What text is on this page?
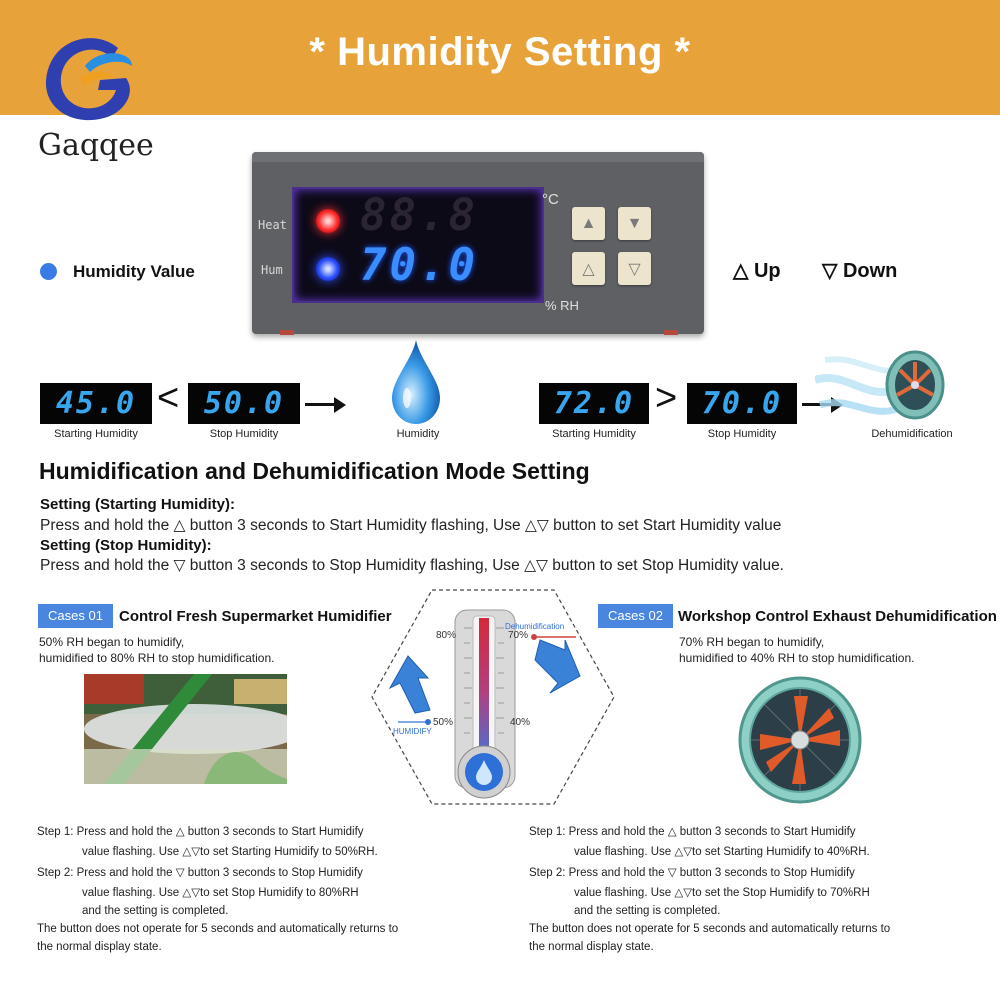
* Humidity Setting *
Gaqqee
Heat
Hum
88.8
70.0
°C
% RH
▲ ▼
△ ▽
Humidity Value	△ Up ▽ Down
45.0 < 50.0
Starting Humidity	Stop Humidity	Humidity
72.0 > 70.0
Starting Humidity	Stop Humidity	Dehumidification
Humidification and Dehumidification Mode Setting
Setting (Starting Humidity):
Press and hold the △ button 3 seconds to Start Humidity flashing, Use △▽ button to set Start Humidity value
Setting (Stop Humidity):
Press and hold the ▽ button 3 seconds to Stop Humidity flashing, Use △▽ button to set Stop Humidity value.
Cases 01	Control Fresh Supermarket Humidifier
50% RH began to humidify,
humidified to 80% RH to stop humidification.
80%	70%
50%	40%
HUMIDIFY
Dehumidification
Cases 02	Workshop Control Exhaust Dehumidification
70% RH began to humidify,
humidified to 40% RH to stop humidification.
Step 1: Press and hold the △ button 3 seconds to Start Humidify
value flashing. Use △▽to set Starting Humidify to 50%RH.
Step 2: Press and hold the ▽ button 3 seconds to Stop Humidify
value flashing. Use △▽to set Stop Humidify to 80%RH
and the setting is completed.
The button does not operate for 5 seconds and automatically returns to
the normal display state.
Step 1: Press and hold the △ button 3 seconds to Start Humidify
value flashing. Use △▽to set Starting Humidify to 40%RH.
Step 2: Press and hold the ▽ button 3 seconds to Stop Humidify
value flashing. Use △▽to set the Stop Humidify to 70%RH
and the setting is completed.
The button does not operate for 5 seconds and automatically returns to
the normal display state.
